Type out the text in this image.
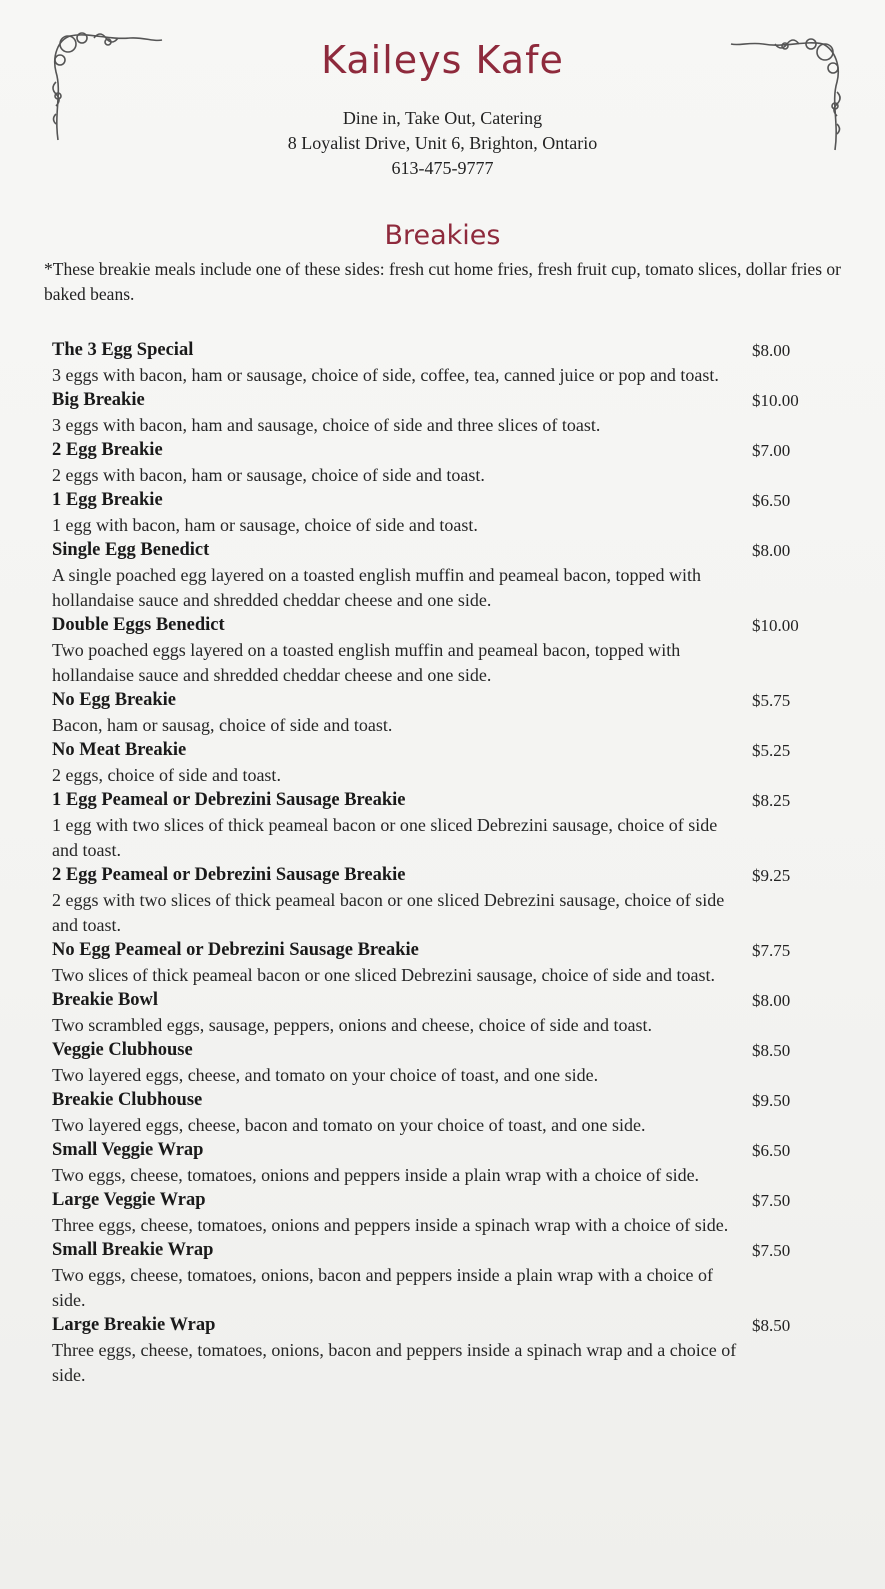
Kaileys Kafe
Dine in, Take Out, Catering
8 Loyalist Drive, Unit 6, Brighton, Ontario
613-475-9777
Breakies
*These breakie meals include one of these sides: fresh cut home fries, fresh fruit cup, tomato slices, dollar fries or baked beans.
The 3 Egg Special	$8.00
3 eggs with bacon, ham or sausage, choice of side, coffee, tea, canned juice or pop and toast.
Big Breakie	$10.00
3 eggs with bacon, ham and sausage, choice of side and three slices of toast.
2 Egg Breakie	$7.00
2 eggs with bacon, ham or sausage, choice of side and toast.
1 Egg Breakie	$6.50
1 egg with bacon, ham or sausage, choice of side and toast.
Single Egg Benedict	$8.00
A single poached egg layered on a toasted english muffin and peameal bacon, topped with hollandaise sauce and shredded cheddar cheese and one side.
Double Eggs Benedict	$10.00
Two poached eggs layered on a toasted english muffin and peameal bacon, topped with hollandaise sauce and shredded cheddar cheese and one side.
No Egg Breakie	$5.75
Bacon, ham or sausag, choice of side and toast.
No Meat Breakie	$5.25
2 eggs, choice of side and toast.
1 Egg Peameal or Debrezini Sausage Breakie	$8.25
1 egg with two slices of thick peameal bacon or one sliced Debrezini sausage, choice of side and toast.
2 Egg Peameal or Debrezini Sausage Breakie	$9.25
2 eggs with two slices of thick peameal bacon or one sliced Debrezini sausage, choice of side and toast.
No Egg Peameal or Debrezini Sausage Breakie	$7.75
Two slices of thick peameal bacon or one sliced Debrezini sausage, choice of side and toast.
Breakie Bowl	$8.00
Two scrambled eggs, sausage, peppers, onions and cheese, choice of side and toast.
Veggie Clubhouse	$8.50
Two layered eggs, cheese, and tomato on your choice of toast, and one side.
Breakie Clubhouse	$9.50
Two layered eggs, cheese, bacon and tomato on your choice of toast, and one side.
Small Veggie Wrap	$6.50
Two eggs, cheese, tomatoes, onions and peppers inside a plain wrap with a choice of side.
Large Veggie Wrap	$7.50
Three eggs, cheese, tomatoes, onions and peppers inside a spinach wrap with a choice of side.
Small Breakie Wrap	$7.50
Two eggs, cheese, tomatoes, onions, bacon and peppers inside a plain wrap with a choice of side.
Large Breakie Wrap	$8.50
Three eggs, cheese, tomatoes, onions, bacon and peppers inside a spinach wrap and a choice of side.
